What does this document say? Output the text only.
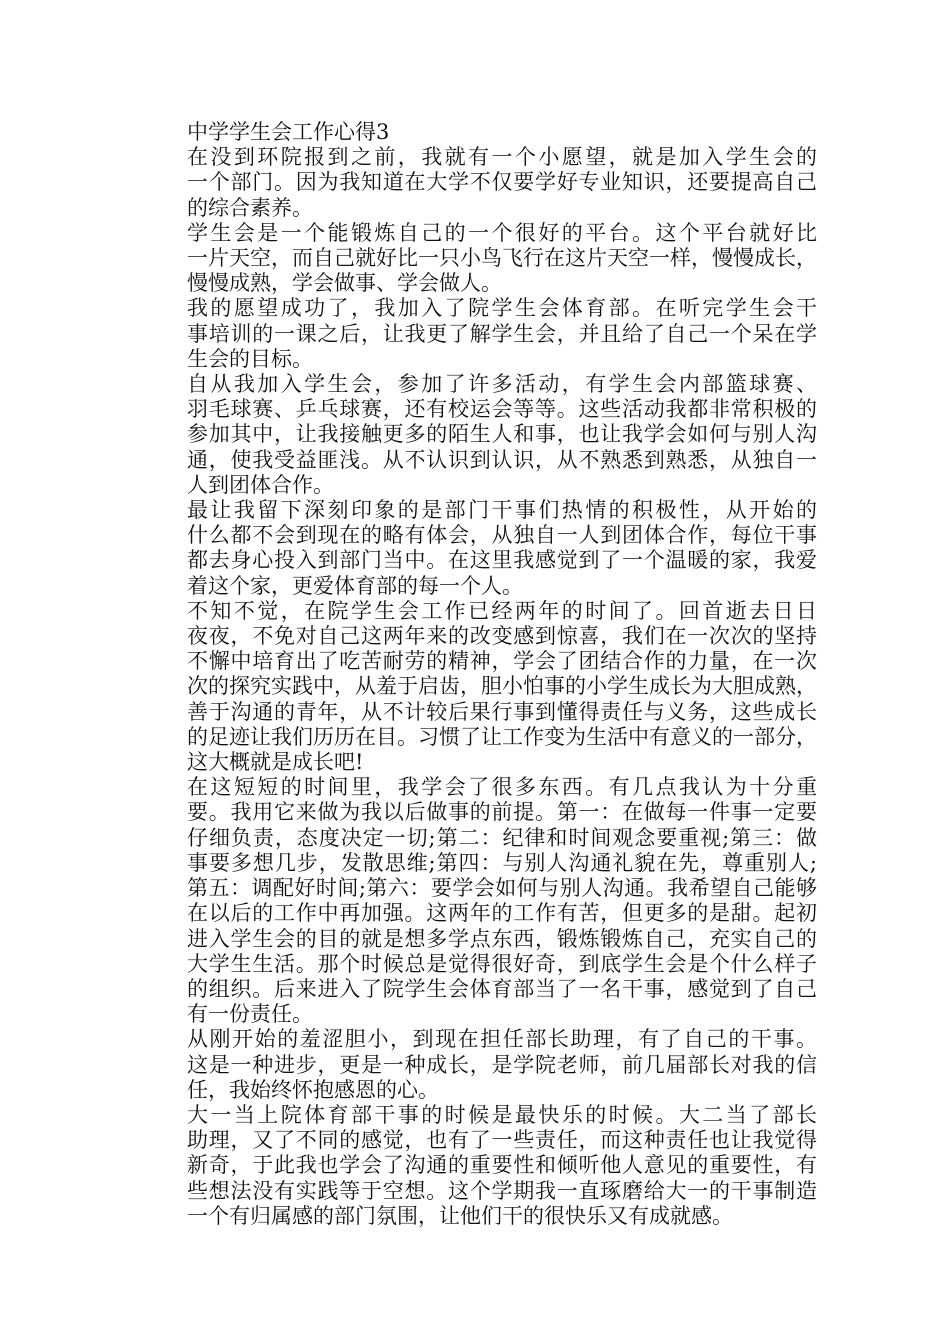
中学学生会工作心得3

在没到环院报到之前，我就有一个小愿望，就是加入学生会的
一个部门。因为我知道在大学不仅要学好专业知识，还要提高自己
的综合素养。

学生会是一个能锻炼自己的一个很好的平台。这个平台就好比
一片天空，而自己就好比一只小鸟飞行在这片天空一样，慢慢成长，
慢慢成熟，学会做事、学会做人。

我的愿望成功了，我加入了院学生会体育部。在听完学生会干
事培训的一课之后，让我更了解学生会，并且给了自己一个呆在学
生会的目标。

自从我加入学生会，参加了许多活动，有学生会内部篮球赛、
羽毛球赛、乒乓球赛，还有校运会等等。这些活动我都非常积极的
参加其中，让我接触更多的陌生人和事，也让我学会如何与别人沟
通，使我受益匪浅。从不认识到认识，从不熟悉到熟悉，从独自一
人到团体合作。

最让我留下深刻印象的是部门干事们热情的积极性，从开始的
什么都不会到现在的略有体会，从独自一人到团体合作，每位干事
都去身心投入到部门当中。在这里我感觉到了一个温暖的家，我爱
着这个家，更爱体育部的每一个人。

不知不觉，在院学生会工作已经两年的时间了。回首逝去日日
夜夜，不免对自己这两年来的改变感到惊喜，我们在一次次的坚持
不懈中培育出了吃苦耐劳的精神，学会了团结合作的力量，在一次
次的探究实践中，从羞于启齿，胆小怕事的小学生成长为大胆成熟，
善于沟通的青年，从不计较后果行事到懂得责任与义务，这些成长
的足迹让我们历历在目。习惯了让工作变为生活中有意义的一部分，
这大概就是成长吧!

在这短短的时间里，我学会了很多东西。有几点我认为十分重
要。我用它来做为我以后做事的前提。第一：在做每一件事一定要
仔细负责，态度决定一切;第二：纪律和时间观念要重视;第三：做
事要多想几步，发散思维;第四：与别人沟通礼貌在先，尊重别人;
第五：调配好时间;第六：要学会如何与别人沟通。我希望自己能够
在以后的工作中再加强。这两年的工作有苦，但更多的是甜。起初
进入学生会的目的就是想多学点东西，锻炼锻炼自己，充实自己的
大学生生活。那个时候总是觉得很好奇，到底学生会是个什么样子
的组织。后来进入了院学生会体育部当了一名干事，感觉到了自己
有一份责任。

从刚开始的羞涩胆小，到现在担任部长助理，有了自己的干事。
这是一种进步，更是一种成长，是学院老师，前几届部长对我的信
任，我始终怀抱感恩的心。

大一当上院体育部干事的时候是最快乐的时候。大二当了部长
助理，又了不同的感觉，也有了一些责任，而这种责任也让我觉得
新奇，于此我也学会了沟通的重要性和倾听他人意见的重要性，有
些想法没有实践等于空想。这个学期我一直琢磨给大一的干事制造
一个有归属感的部门氛围，让他们干的很快乐又有成就感。
